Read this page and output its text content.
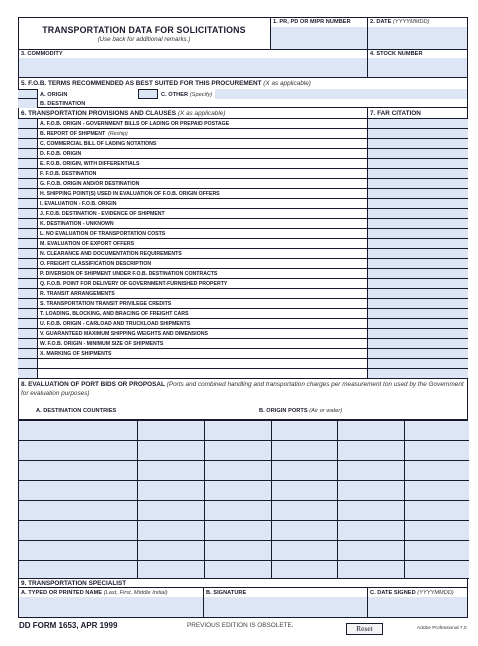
TRANSPORTATION DATA FOR SOLICITATIONS
(Use back for additional remarks.)
1. PR, PD OR MIPR NUMBER	2. DATE (YYYYMMDD)
3. COMMODITY	4. STOCK NUMBER
5. F.O.B. TERMS RECOMMENDED AS BEST SUITED FOR THIS PROCUREMENT (X as applicable)
A. ORIGIN
B. DESTINATION
C. OTHER (Specify)
6. TRANSPORTATION PROVISIONS AND CLAUSES (X as applicable)	7. FAR CITATION
A. F.O.B. ORIGIN - GOVERNMENT BILLS OF LADING OR PREPAID POSTAGE
B. REPORT OF SHIPMENT (Reship)
C. COMMERCIAL BILL OF LADING NOTATIONS
D. F.O.B. ORIGIN
E. F.O.B. ORIGIN, WITH DIFFERENTIALS
F. F.O.B. DESTINATION
G. F.O.B. ORIGIN AND/OR DESTINATION
H. SHIPPING POINT(S) USED IN EVALUATION OF F.O.B. ORIGIN OFFERS
I. EVALUATION - F.O.B. ORIGIN
J. F.O.B. DESTINATION - EVIDENCE OF SHIPMENT
K. DESTINATION - UNKNOWN
L. NO EVALUATION OF TRANSPORTATION COSTS
M. EVALUATION OF EXPORT OFFERS
N. CLEARANCE AND DOCUMENTATION REQUIREMENTS
O. FREIGHT CLASSIFICATION DESCRIPTION
P. DIVERSION OF SHIPMENT UNDER F.O.B. DESTINATION CONTRACTS
Q. F.O.B. POINT FOR DELIVERY OF GOVERNMENT-FURNISHED PROPERTY
R. TRANSIT ARRANGEMENTS
S. TRANSPORTATION TRANSIT PRIVILEGE CREDITS
T. LOADING, BLOCKING, AND BRACING OF FREIGHT CARS
U. F.O.B. ORIGIN - CARLOAD AND TRUCKLOAD SHIPMENTS
V. GUARANTEED MAXIMUM SHIPPING WEIGHTS AND DIMENSIONS
W. F.O.B. ORIGIN - MINIMUM SIZE OF SHIPMENTS
X. MARKING OF SHIPMENTS
8. EVALUATION OF PORT BIDS OR PROPOSAL (Ports and combined handling and transportation charges per measurement ton used by the Government for evaluation purposes)
A. DESTINATION COUNTRIES	B. ORIGIN PORTS (Air or water)
9. TRANSPORTATION SPECIALIST
A. TYPED OR PRINTED NAME (Last, First, Middle Initial)	B. SIGNATURE	C. DATE SIGNED (YYYYMMDD)
DD FORM 1653, APR 1999	PREVIOUS EDITION IS OBSOLETE.	Reset	Adobe Professional 7.0
